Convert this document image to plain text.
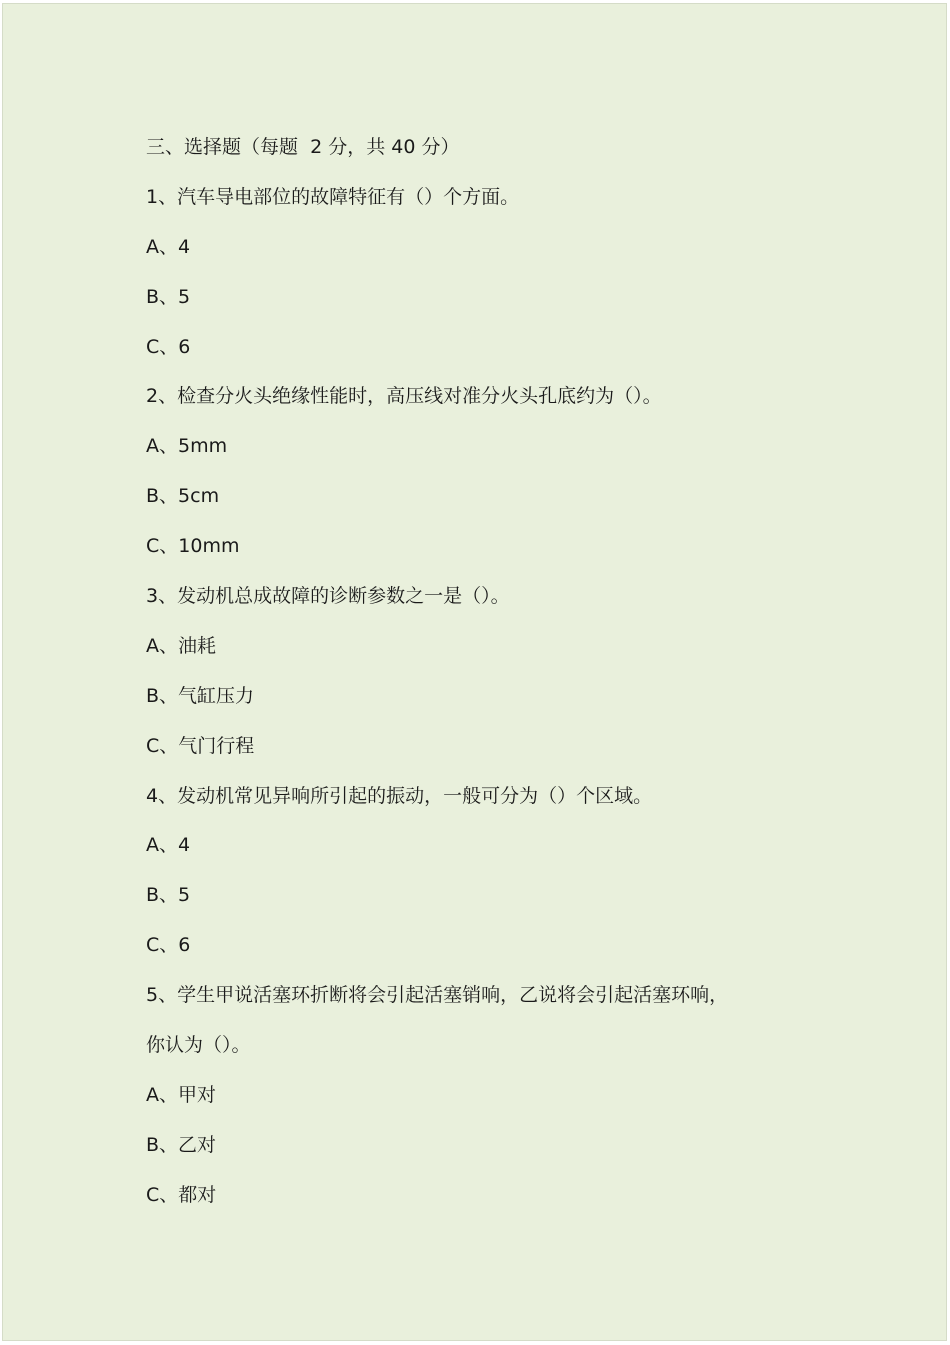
三、选择题（每题  2 分，共 40 分）
1、汽车导电部位的故障特征有（）个方面。
A、4
B、5
C、6
2、检查分火头绝缘性能时，高压线对准分火头孔底约为（）。
A、5mm
B、5cm
C、10mm
3、发动机总成故障的诊断参数之一是（）。
A、油耗
B、气缸压力
C、气门行程
4、发动机常见异响所引起的振动，一般可分为（）个区域。
A、4
B、5
C、6
5、学生甲说活塞环折断将会引起活塞销响，乙说将会引起活塞环响，
你认为（）。
A、甲对
B、乙对
C、都对
